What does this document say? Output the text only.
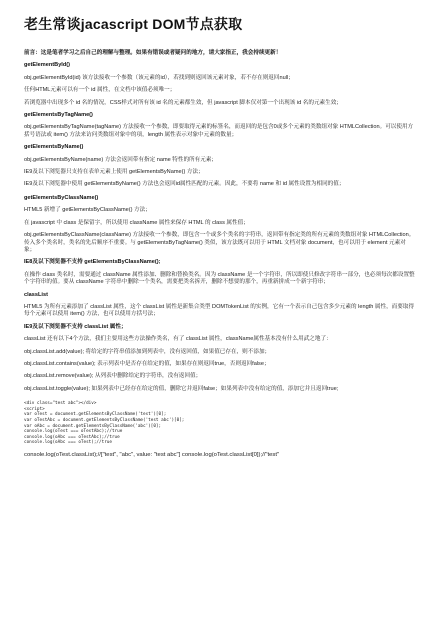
老生常谈jacascript DOM节点获取
前言：这是笔者学习之后自己的理解与整理。如果有错误或者疑问的地方，请大家指正，我会持续更新！
getElementById()
obj.getElementById(id) 该方法接收一个参数（该元素的id），若找到则返回该元素对象，若不存在则返回null；
任何HTML元素可以有一个 id 属性，在文档中该值必须唯一；
若浏览器中出现多个 id 名的情况，CSS样式对所有该 id 名的元素都生效，但 javascript 脚本仅对第一个出现该 id 名的元素生效；
getElementsByTagName()
obj.getElementsByTagName(tagName) 方法接收一个参数，即要取得元素的标签名，而返回的是包含0或多个元素的类数组对象 HTMLCollection。可以使用方括号语法或 item() 方法来访问类数组对象中的项，length 属性表示对象中元素的数量；
getElementsByName()
obj.getElementsByName(name) 方法会返回带有指定 name 特性的所有元素；
IE9及以下浏览器只支持在表单元素上使用 getElementsByName() 方法；
IE9及以下浏览器中使用 getElementsByName() 方法也会返回id属性匹配的元素。因此，不要将 name 和 id 属性设置为相同的值；
getElementsByClassName()
HTML5 新增了 getElementsByClassName() 方法；
在 javascript 中 class 是保留字，所以使用 className 属性来保存 HTML 的 class 属性值；
obj.getElementsByClassName(className) 方法接收一个参数，即包含一个或多个类名的字符串，返回带有指定类的所有元素的类数组对象 HTMLCollection。传入多个类名时，类名的先后顺序不重要。与 getElementsByTagName() 类似，该方法既可以用于 HTML 文档对象 document，也可以用于 element 元素对象；
IE8及以下浏览器不支持 getElementsByClassName();
在操作 class 类名时，需要通过 className 属性添加、删除和替换类名。因为 className 是一个字符串，所以即使只修改字符串一部分，也必须每次都设置整个字符串的值。要从 className 字符串中删除一个类名，需要把类名拆开，删除不想要的那个，再重新拼成一个新字符串；
classList
HTML5 为所有元素添加了 classList 属性，这个 classList 属性是新集合类型 DOMTokenList 的实例，它有一个表示自己包含多少元素的 length 属性，而要取得每个元素可以使用 item() 方法，也可以使用方括号法；
IE9及以下浏览器不支持 classList 属性；
classList 还有以下4个方法，我们主要用这些方法操作类名，有了 classList 属性，className属性基本没有什么用武之地了：
obj.classList.add(value); 将给定的字符串值添加到列表中，没有返回值，如果值已存在，则不添加；
obj.classList.contains(value); 表示列表中是否存在给定的值，如果存在则返回true，否则返回false；
obj.classList.remove(value); 从列表中删除给定的字符串，没有返回值；
obj.classList.toggle(value); 如果列表中已经存在给定的值，删除它并返回false；如果列表中没有给定的值，添加它并且返回true;
<div class="test abc"></div>
<script>
var oTest = document.getElementsByClassName('test')[0];
var oTestAbc = document.getElementsByClassName('test abc')[0];
var oAbc = document.getElementsByClassName('abc')[0];
console.log(oTest === oTestAbc);//true
console.log(oAbc === oTestAbc);//true
console.log(oAbc === oTest);//true
console.log(oTest.classList);//["test", "abc", value: "test abc"] console.log(oTest.classList[0]);//"test"
